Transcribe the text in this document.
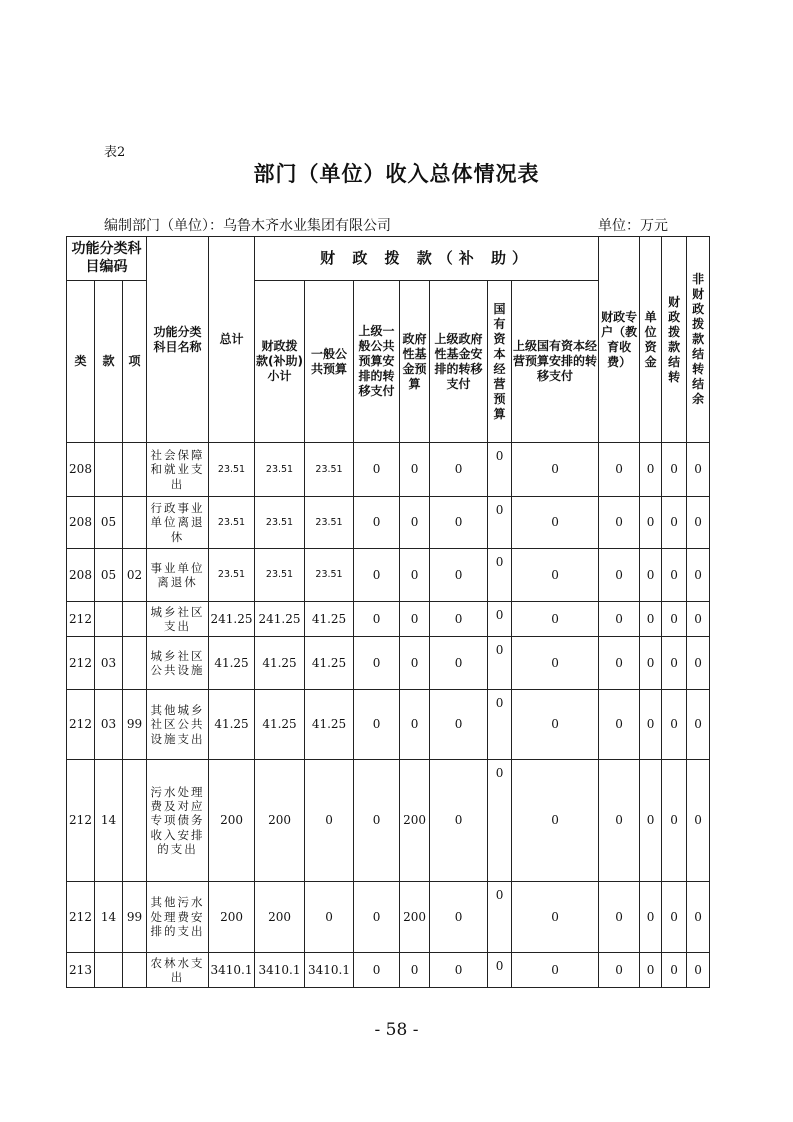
表2
部门（单位）收入总体情况表
编制部门（单位）：乌鲁木齐水业集团有限公司	单位：万元
功能分类科目编码			功能分类科目名称	总计	财 政 拨 款（补 助）							财政专户（教育收费）	单位资金	财政拨款结转	非财政拨款结转结余
类	款	项			财政拨款(补助)小计	一般公共预算	上级一般公共预算安排的转移支付	政府性基金预算	上级政府性基金安排的转移支付	国有资本经营预算	上级国有资本经营预算安排的转移支付				
208			社会保障和就业支出	23.51	23.51	23.51	0	0	0	0	0	0	0	0	0
208	05		行政事业单位离退休	23.51	23.51	23.51	0	0	0	0	0	0	0	0	0
208	05	02	事业单位离退休	23.51	23.51	23.51	0	0	0	0	0	0	0	0	0
212			城乡社区支出	241.25	241.25	41.25	0	0	0	0	0	0	0	0	0
212	03		城乡社区公共设施	41.25	41.25	41.25	0	0	0	0	0	0	0	0	0
212	03	99	其他城乡社区公共设施支出	41.25	41.25	41.25	0	0	0	0	0	0	0	0	0
212	14		污水处理费及对应专项债务收入安排的支出	200	200	0	0	200	0	0	0	0	0	0	0
212	14	99	其他污水处理费安排的支出	200	200	0	0	200	0	0	0	0	0	0	0
213			农林水支出	3410.1	3410.1	3410.1	0	0	0	0	0	0	0	0	0
- 58 -
